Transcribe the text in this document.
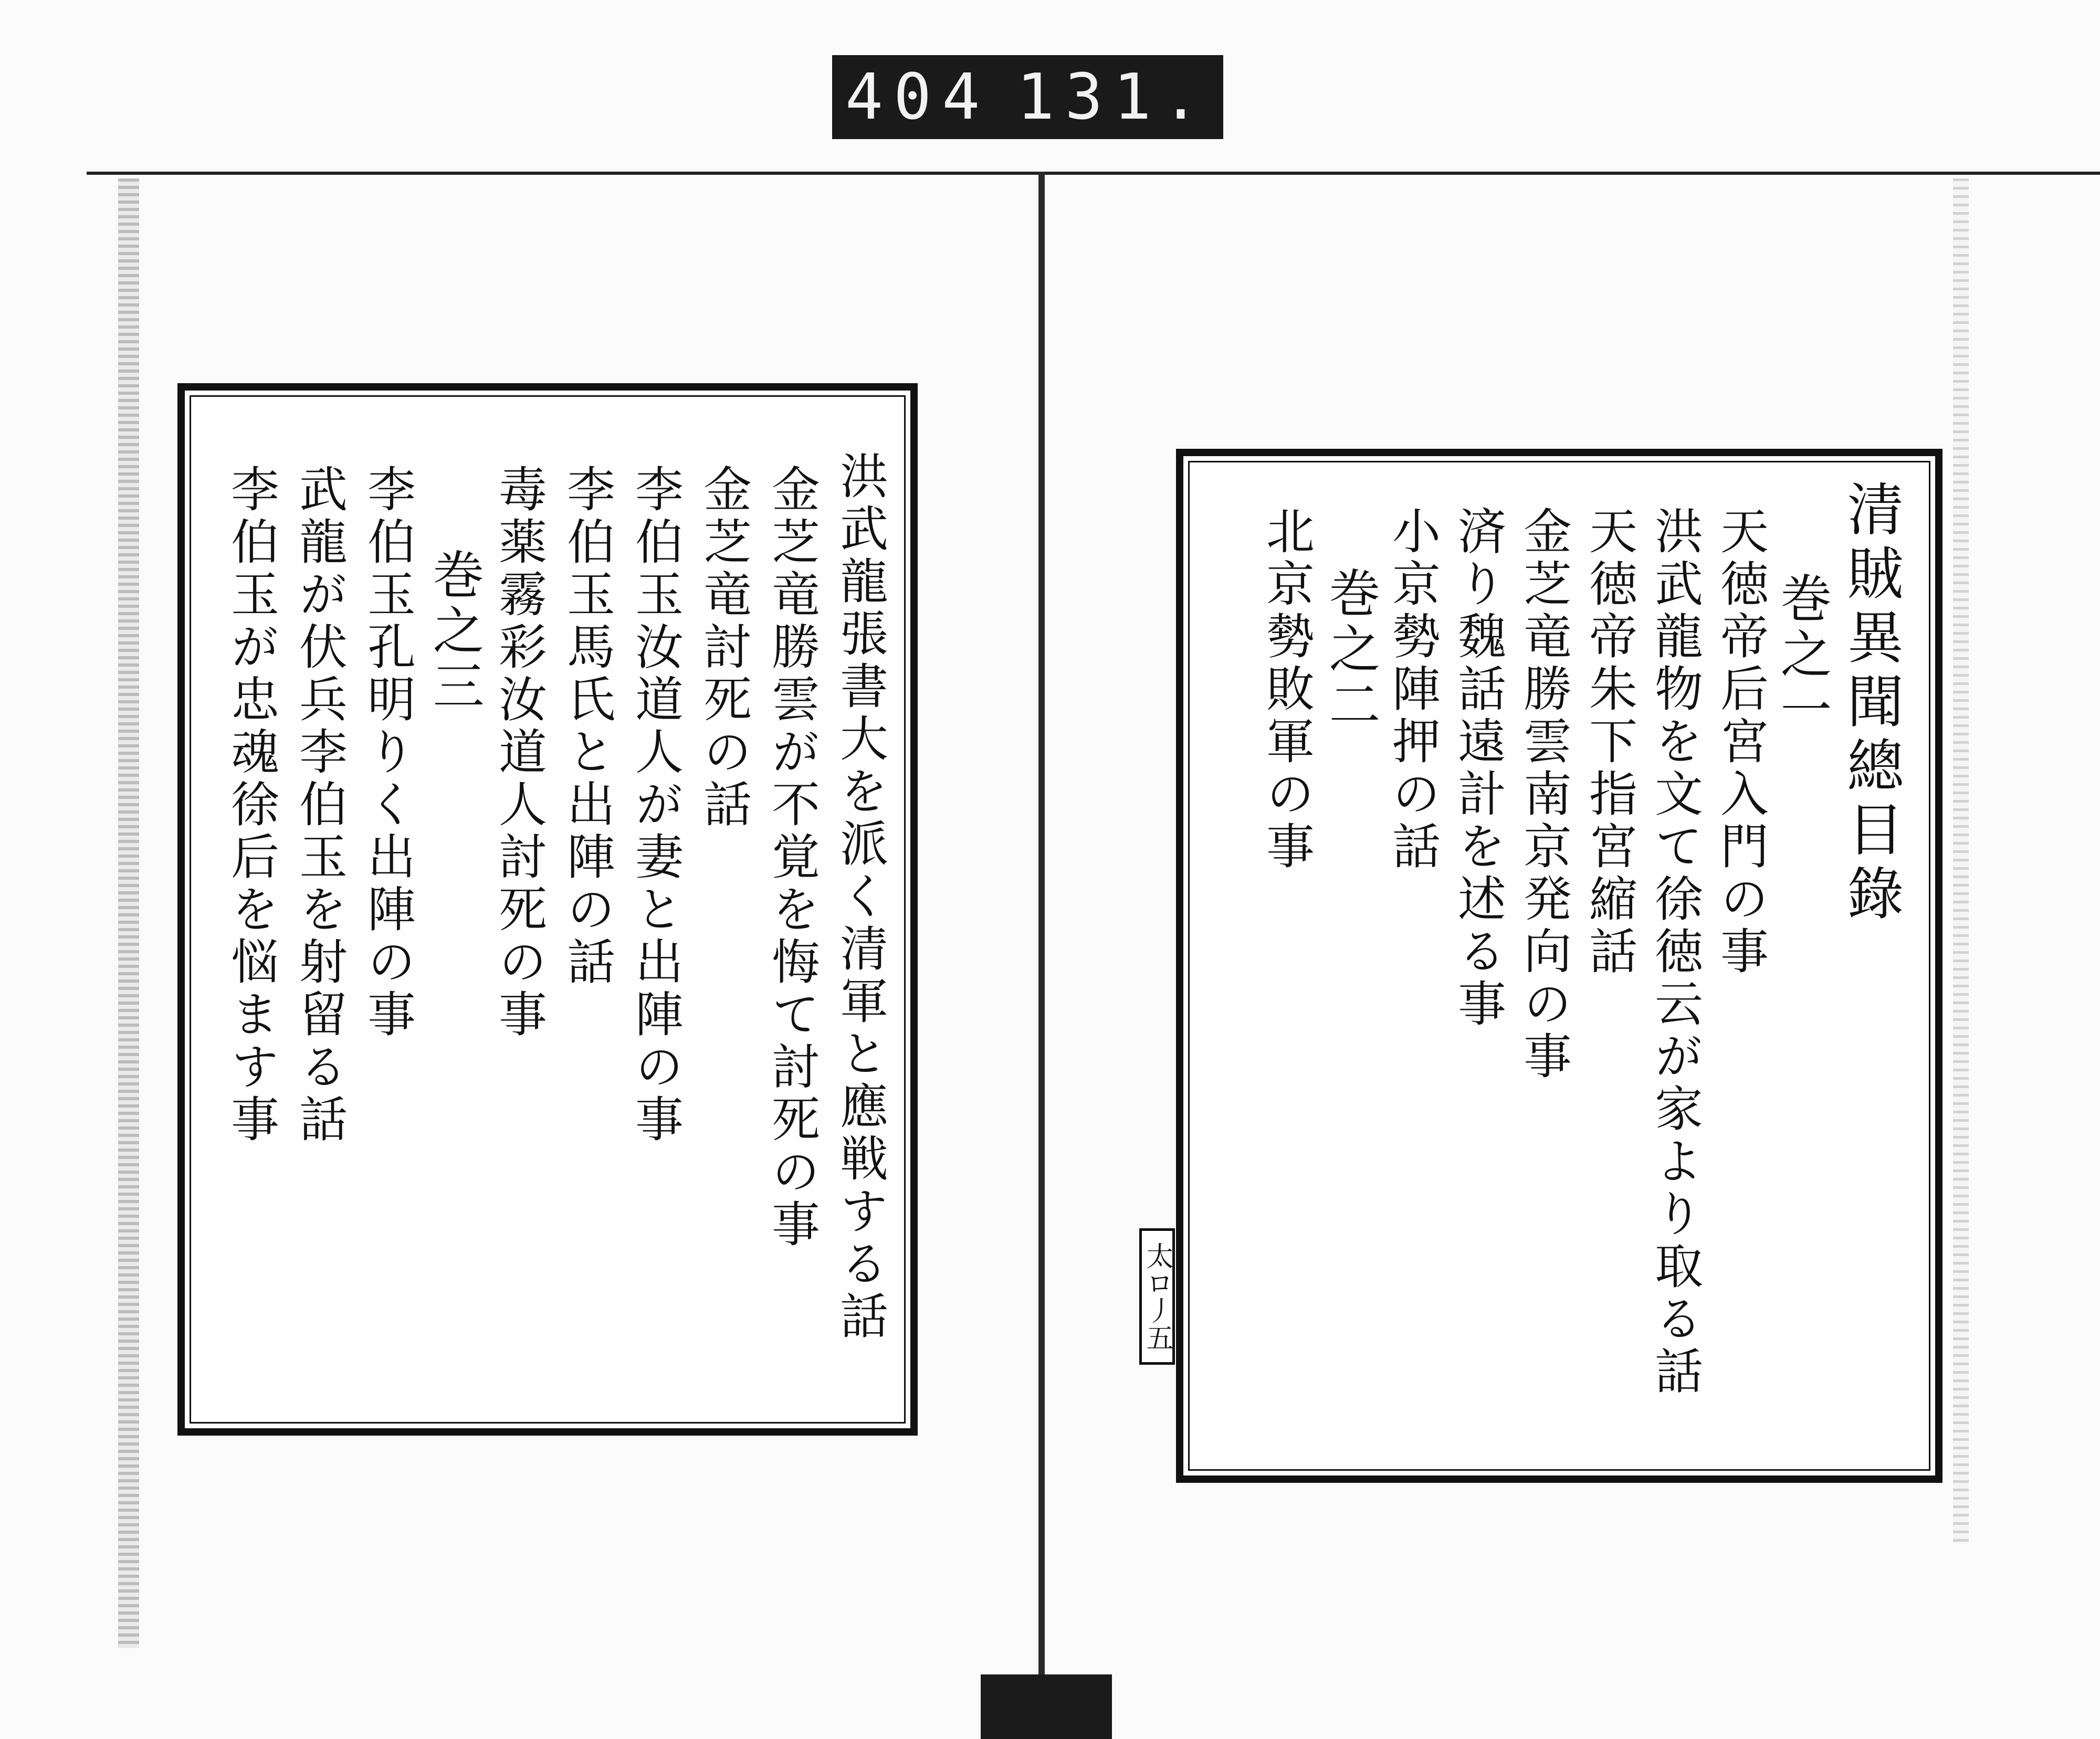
404 131.
洪武龍張書大を派く清軍と應戦する話
金芝竜勝雲が不覚を悔て討死の事
金芝竜討死の話
李伯玉汝道人が妻と出陣の事
李伯玉馬氏と出陣の話
毒薬霧彩汝道人討死の事
巻之三
李伯玉孔明りく出陣の事
武龍が伏兵李伯玉を射留る話
李伯玉が忠魂徐后を悩ます事	清賊異聞總目錄
巻之一
天徳帝后宮入門の事
洪武龍物を文て徐徳云が家より取る話
天徳帝朱下指宮縮話
金芝竜勝雲南京発向の事
済り魏話遠計を述る事
小京勢陣押の話
巻之二
北京勢敗軍の事
太ロ丿五
